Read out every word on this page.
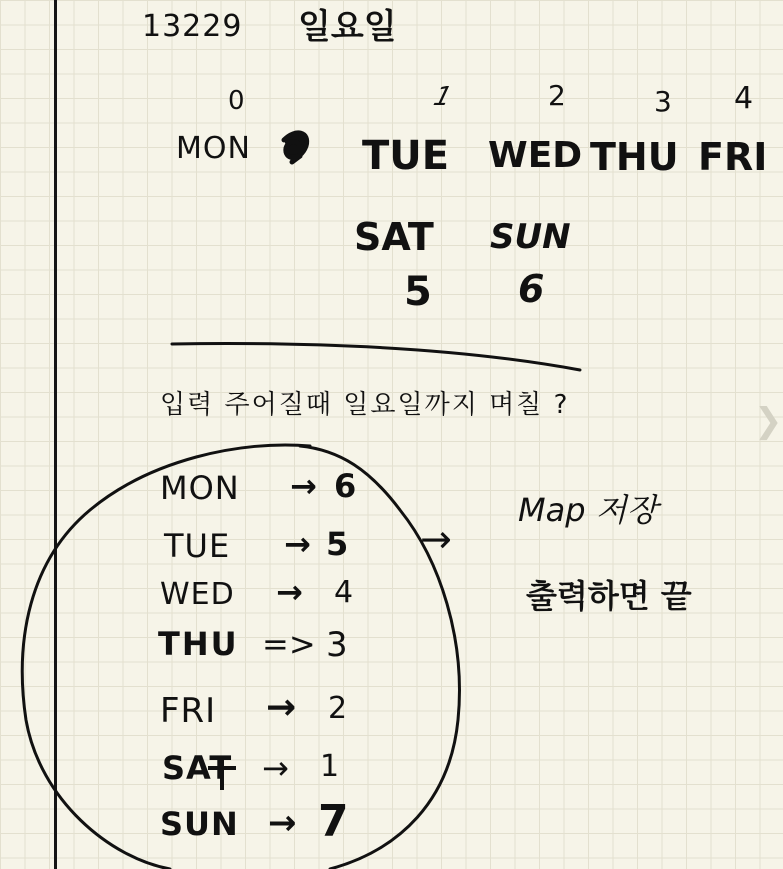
13229 일요일
0	1	2	3 4
MON	TUE WED THU FRI
SAT SUN
5 6
입력 주어질때 일요일까지 며칠 ?
MON → 6
TUE → 5
WED → 4
THU => 3
FRI → 2
SAT → 1
SUN → 7
→
Map 저장
출력하면 끝
❯
